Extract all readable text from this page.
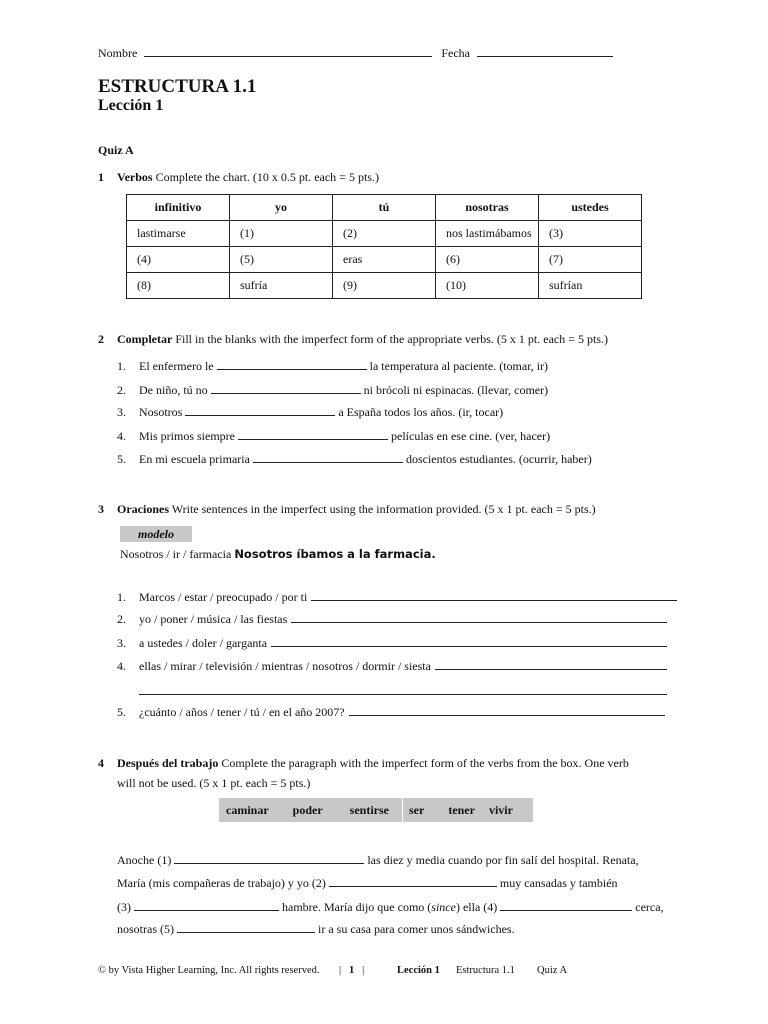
Nombre	Fecha
ESTRUCTURA 1.1
Lección 1
Quiz A
1 Verbos Complete the chart. (10 x 0.5 pt. each = 5 pts.)
infinitivo	yo	tú	nosotras	ustedes
lastimarse	(1)	(2)	nos lastimábamos	(3)
(4)	(5)	eras	(6)	(7)
(8)	sufría	(9)	(10)	sufrían
2 Completar Fill in the blanks with the imperfect form of the appropriate verbs. (5 x 1 pt. each = 5 pts.)
1. El enfermero le	la temperatura al paciente. (tomar, ir)
2. De niño, tú no	ni brócoli ni espinacas. (llevar, comer)
3. Nosotros	a España todos los años. (ir, tocar)
4. Mis primos siempre	películas en ese cine. (ver, hacer)
5. En mi escuela primaria	doscientos estudiantes. (ocurrir, haber)
3 Oraciones Write sentences in the imperfect using the information provided. (5 x 1 pt. each = 5 pts.)
modelo
Nosotros / ir / farmacia Nosotros íbamos a la farmacia.
1.	Marcos / estar / preocupado / por ti
2.	yo / poner / música / las fiestas
3.	a ustedes / doler / garganta
4.	ellas / mirar / televisión / mientras / nosotros / dormir / siesta
5.	¿cuánto / años / tener / tú / en el año 2007?
4 Después del trabajo Complete the paragraph with the imperfect form of the verbs from the box. One verb
will not be used. (5 x 1 pt. each = 5 pts.)
caminar poder sentirse ser tener vivir
Anoche (1)	las diez y media cuando por fin salí del hospital. Renata,
María (mis compañeras de trabajo) y yo (2)	muy cansadas y también
(3)	hambre. María dijo que como (since) ella (4)	cerca,
nosotras (5)	ir a su casa para comer unos sándwiches.
© by Vista Higher Learning, Inc. All rights reserved. |   1   |	Lección 1 Estructura 1.1 Quiz A
